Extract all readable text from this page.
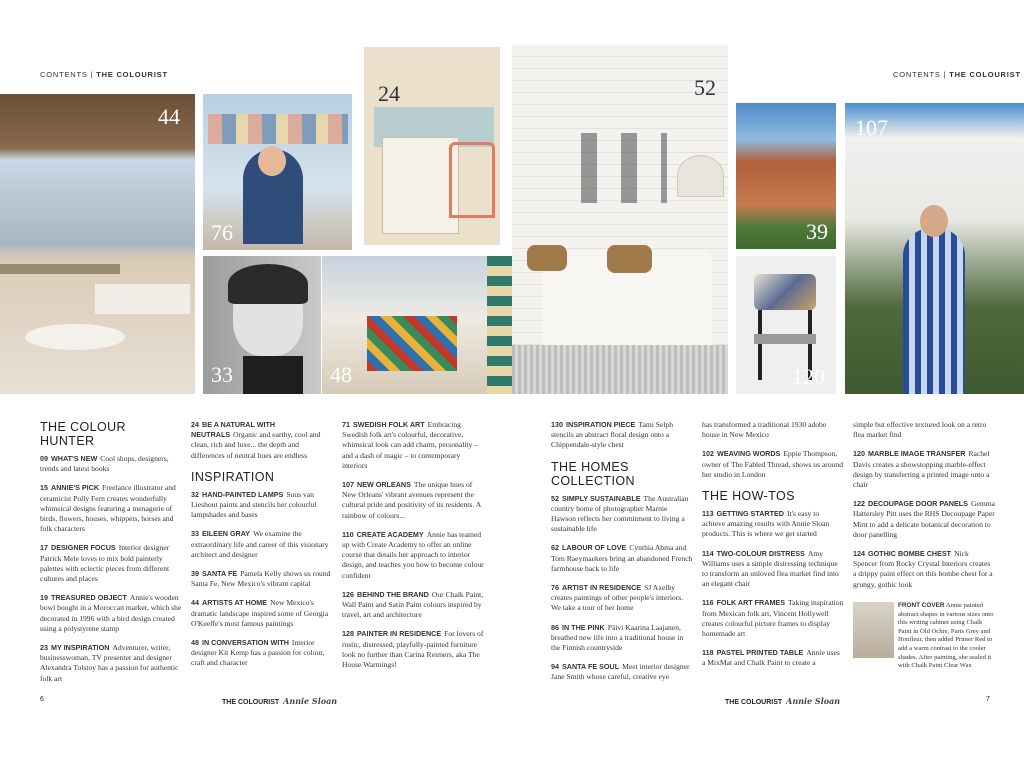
CONTENTS | THE COLOURIST	CONTENTS | THE COLOURIST
44
76
24	52
39
107
33	48	120
THE COLOUR HUNTER

09 WHAT'S NEW Cool shops, designers, trends and latest books

15 ANNIE'S PICK Freelance illustrator and ceramicist Polly Fern creates wonderfully whimsical designs featuring a menagerie of birds, flowers, houses, whippets, horses and folk characters

17 DESIGNER FOCUS Interior designer Patrick Mele loves to mix bold painterly palettes with eclectic pieces from different cultures and places

19 TREASURED OBJECT Annie's wooden bowl bought in a Moroccan market, which she decorated in 1996 with a bird design created using a polystyrene stamp

23 MY INSPIRATION Adventurer, writer, businesswoman, TV presenter and designer Alexandra Tolstoy has a passion for authentic folk art

24 BE A NATURAL WITH NEUTRALS Organic and earthy, cool and clean, rich and luxe... the depth and differences of neutral hues are endless

INSPIRATION

32 HAND-PAINTED LAMPS Suus van Lieshout paints and stencils her colourful lampshades and bases

33 EILEEN GRAY We examine the extraordinary life and career of this visionary architect and designer

39 SANTA FE Pamela Kelly shows us round Santa Fe, New Mexico's vibrant capital

44 ARTISTS AT HOME New Mexico's dramatic landscape inspired some of Georgia O'Keeffe's most famous paintings

48 IN CONVERSATION WITH Interior designer Kit Kemp has a passion for colour, craft and character

71 SWEDISH FOLK ART Embracing Swedish folk art's colourful, decorative, whimsical look can add charm, personality – and a dash of magic – to contemporary interiors

107 NEW ORLEANS The unique hues of New Orleans' vibrant avenues represent the cultural pride and positivity of its residents. A rainbow of colours...

110 CREATE ACADEMY Annie has teamed up with Create Academy to offer an online course that details her approach to interior design, and teaches you how to become colour confident

126 BEHIND THE BRAND Our Chalk Paint, Wall Paint and Satin Paint colours inspired by travel, art and architecture

128 PAINTER IN RESIDENCE For lovers of rustic, distressed, playfully-painted furniture look no further than Carina Reimers, aka The House Warmings!

130 INSPIRATION PIECE Tami Selph stencils an abstract floral design onto a Chippendale-style chest

THE HOMES COLLECTION

52 SIMPLY SUSTAINABLE The Australian country home of photographer Marnie Hawson reflects her commitment to living a sustainable life

62 LABOUR OF LOVE Cynthia Abma and Tom Raeymaekers bring an abandoned French farmhouse back to life

76 ARTIST IN RESIDENCE SJ Axelby creates paintings of other people's interiors. We take a tour of her home

86 IN THE PINK Päivi Kaarina Laajanen, breathed new life into a traditional house in the Finnish countryside

94 SANTA FE SOUL Meet interior designer Jane Smith whose careful, creative eye

has transformed a traditional 1930 adobe house in New Mexico

102 WEAVING WORDS Eppie Thompson, owner of The Fabled Thread, shows us around her studio in London

THE HOW-TOS

113 GETTING STARTED It's easy to achieve amazing results with Annie Sloan products. This is where we get started

114 TWO-COLOUR DISTRESS Amy Williams uses a simple distressing technique to transform an unloved flea market find into an elegant chair

116 FOLK ART FRAMES Taking inspiration from Mexican folk art, Vincent Hollywell creates colourful picture frames to display homemade art

118 PASTEL PRINTED TABLE Annie uses a MixMat and Chalk Paint to create a

simple but effective textured look on a retro flea market find

120 MARBLE IMAGE TRANSFER Rachel Davis creates a showstopping marble-effect design by transferring a printed image onto a chair

122 DECOUPAGE DOOR PANELS Gemma Hattersley Pitt uses the RHS Decoupage Paper Mint to add a delicate botanical decoration to door panelling

124 GOTHIC BOMBE CHEST Nick Spencer from Rocky Crystal Interiors creates a drippy paint effect on this bombe chest for a grungy, gothic look

FRONT COVER Annie painted abstract shapes in various sizes onto this writing cabinet using Chalk Paint in Old Ochre, Paris Grey and Honfleur, then added Primer Red to add a warm contrast to the cooler shades. After painting, she sealed it with Chalk Paint Clear Wax
6	THE COLOURIST Annie Sloan	THE COLOURIST Annie Sloan	7
